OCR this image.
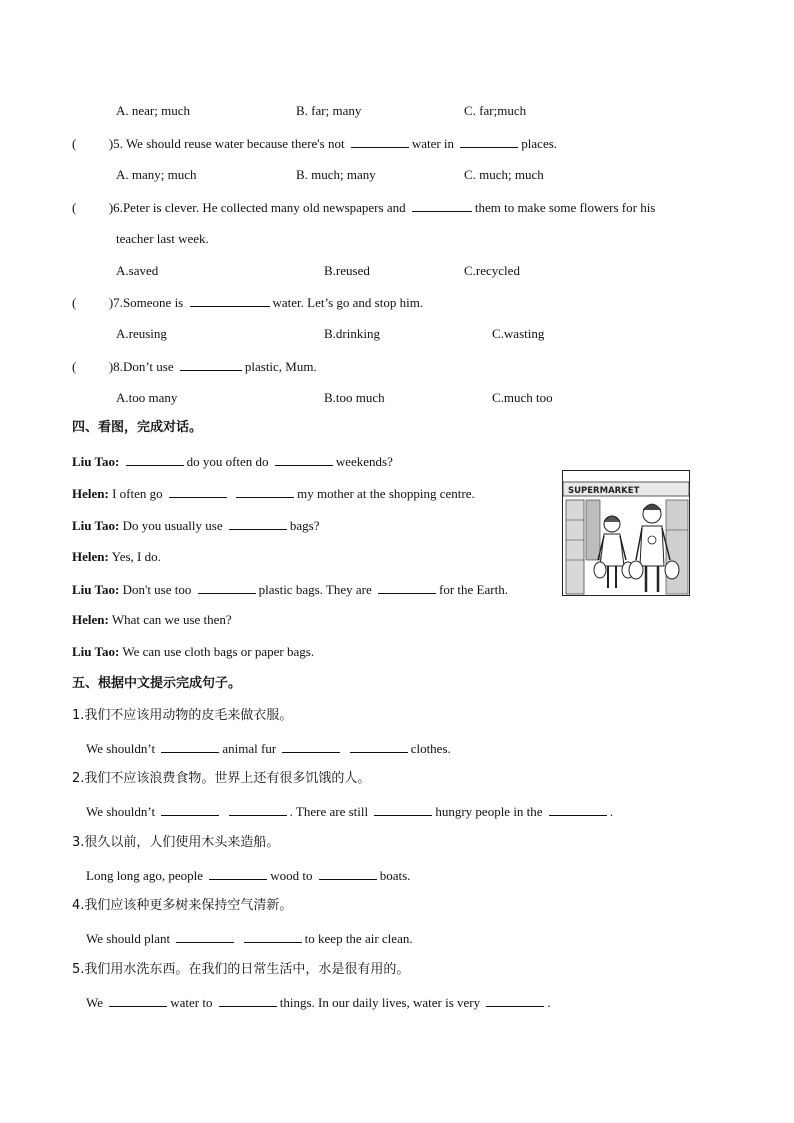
A. near; much	B. far; many	C. far;much
(	)5. We should reuse water because there's not	water in	places.
A. many; much	B. much; many	C. much; much
(	)6.Peter is clever. He collected many old newspapers and	them to make some flowers for his
teacher last week.
A.saved	B.reused	C.recycled
(	)7.Someone is	water. Let’s go and stop him.
A.reusing	B.drinking	C.wasting
(	)8.Don’t use	plastic, Mum.
A.too many	B.too much	C.much too
四、看图，完成对话。
Liu Tao:	do you often do	weekends?
Helen: I often go	my mother at the shopping centre.
Liu Tao: Do you usually use	bags?
Helen: Yes, I do.
Liu Tao: Don't use too	plastic bags. They are	for the Earth.
Helen: What can we use then?
Liu Tao: We can use cloth bags or paper bags.
SUPERMARKET
五、根据中文提示完成句子。
1.我们不应该用动物的皮毛来做衣服。
We shouldn’t	animal fur	clothes.
2.我们不应该浪费食物。世界上还有很多饥饿的人。
We shouldn’t	. There are still	hungry people in the	.
3.很久以前，人们使用木头来造船。
Long long ago, people	wood to	boats.
4.我们应该种更多树来保持空气清新。
We should plant	to keep the air clean.
5.我们用水洗东西。在我们的日常生活中，水是很有用的。
We	water to	things. In our daily lives, water is very	.
